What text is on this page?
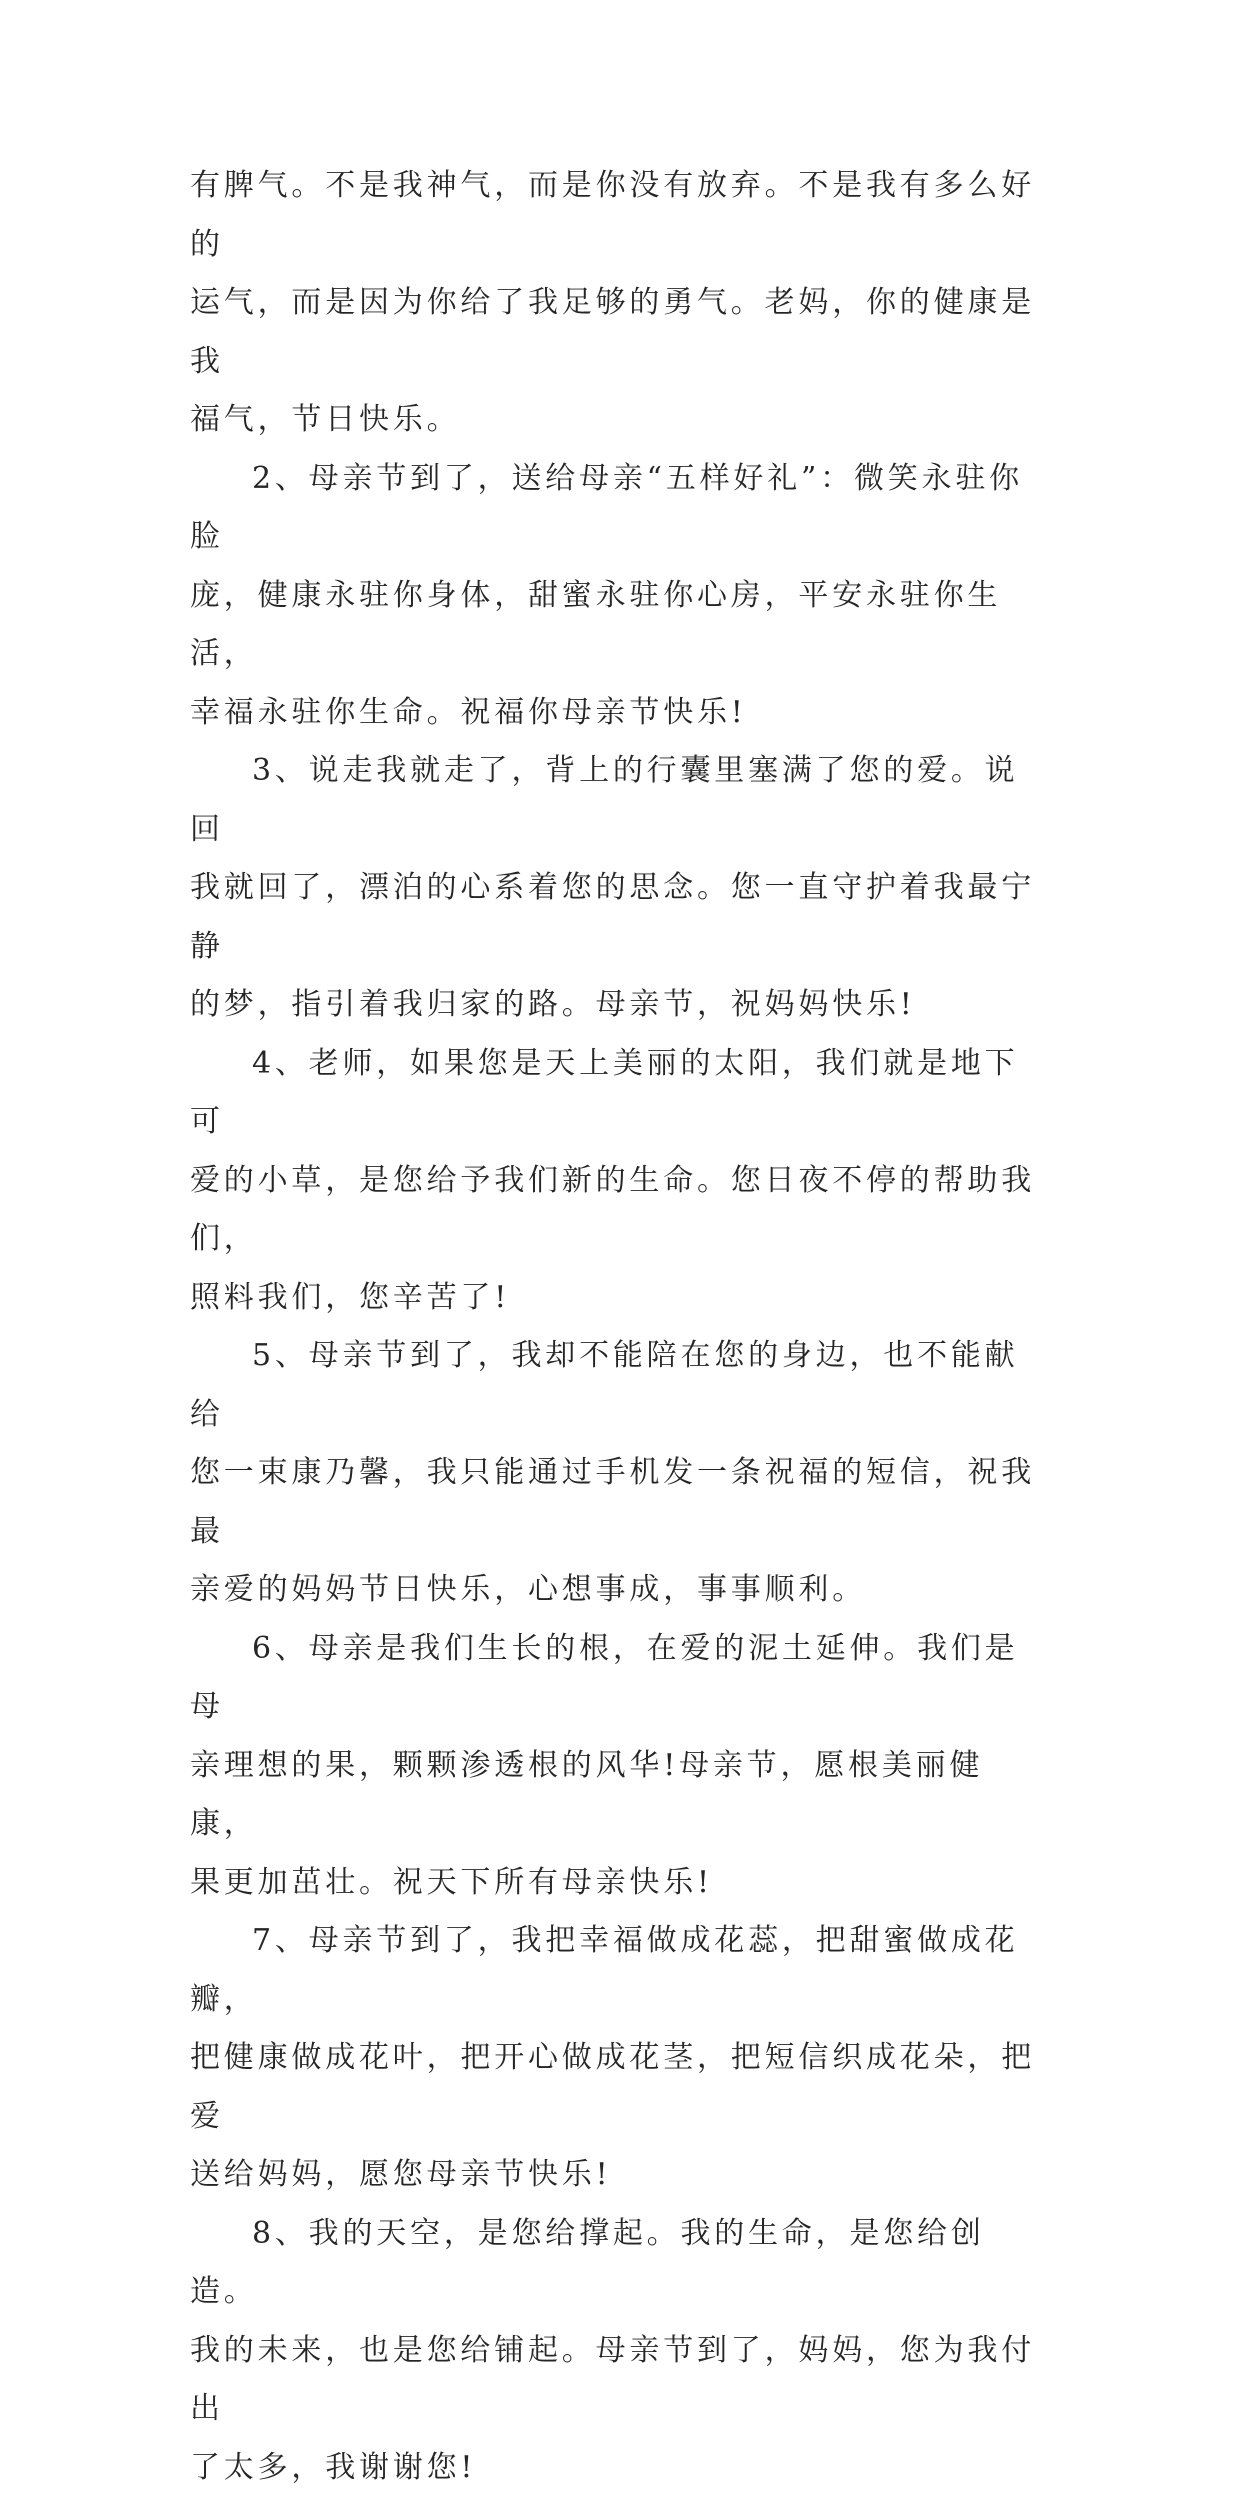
有脾气。不是我神气，而是你没有放弃。不是我有多么好的
运气，而是因为你给了我足够的勇气。老妈，你的健康是我
福气，节日快乐。

2、母亲节到了，送给母亲“五样好礼”：微笑永驻你脸
庞，健康永驻你身体，甜蜜永驻你心房，平安永驻你生活，
幸福永驻你生命。祝福你母亲节快乐!

3、说走我就走了，背上的行囊里塞满了您的爱。说回
我就回了，漂泊的心系着您的思念。您一直守护着我最宁静
的梦，指引着我归家的路。母亲节，祝妈妈快乐!

4、老师，如果您是天上美丽的太阳，我们就是地下可
爱的小草，是您给予我们新的生命。您日夜不停的帮助我们，
照料我们，您辛苦了!

5、母亲节到了，我却不能陪在您的身边，也不能献给
您一束康乃馨，我只能通过手机发一条祝福的短信，祝我最
亲爱的妈妈节日快乐，心想事成，事事顺利。

6、母亲是我们生长的根，在爱的泥土延伸。我们是母
亲理想的果，颗颗渗透根的风华!母亲节，愿根美丽健康，
果更加茁壮。祝天下所有母亲快乐!

7、母亲节到了，我把幸福做成花蕊，把甜蜜做成花瓣，
把健康做成花叶，把开心做成花茎，把短信织成花朵，把爱
送给妈妈，愿您母亲节快乐!

8、我的天空，是您给撑起。我的生命，是您给创造。
我的未来，也是您给铺起。母亲节到了，妈妈，您为我付出
了太多，我谢谢您!
